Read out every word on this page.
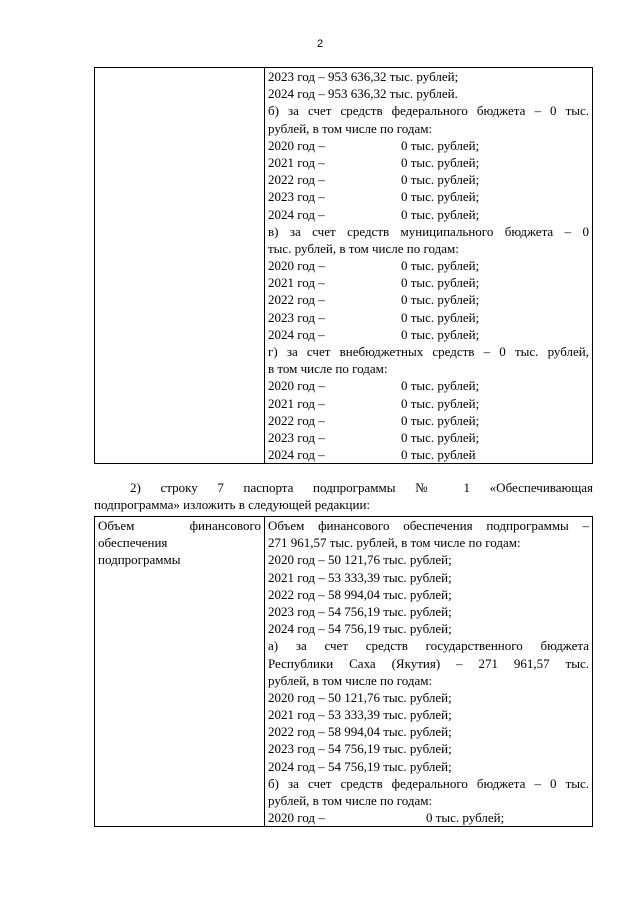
2

2023 год – 953 636,32 тыс. рублей;
2024 год – 953 636,32 тыс. рублей.
б) за счет средств федерального бюджета – 0 тыс.
рублей, в том числе по годам:
2020 год –	0 тыс. рублей;
2021 год –	0 тыс. рублей;
2022 год –	0 тыс. рублей;
2023 год –	0 тыс. рублей;
2024 год –	0 тыс. рублей;
в) за счет средств муниципального бюджета – 0
тыс. рублей, в том числе по годам:
2020 год –	0 тыс. рублей;
2021 год –	0 тыс. рублей;
2022 год –	0 тыс. рублей;
2023 год –	0 тыс. рублей;
2024 год –	0 тыс. рублей;
г) за счет внебюджетных средств – 0 тыс. рублей,
в том числе по годам:
2020 год –	0 тыс. рублей;
2021 год –	0 тыс. рублей;
2022 год –	0 тыс. рублей;
2023 год –	0 тыс. рублей;
2024 год –	0 тыс. рублей
2) строку 7 паспорта подпрограммы № 1 «Обеспечивающая
подпрограмма» изложить в следующей редакции:
Объем финансового
обеспечения
подпрограммы

Объем финансового обеспечения подпрограммы –
271 961,57 тыс. рублей, в том числе по годам:
2020 год – 50 121,76 тыс. рублей;
2021 год – 53 333,39 тыс. рублей;
2022 год – 58 994,04 тыс. рублей;
2023 год – 54 756,19 тыс. рублей;
2024 год – 54 756,19 тыс. рублей;
а) за счет средств государственного бюджета
Республики Саха (Якутия) – 271 961,57 тыс.
рублей, в том числе по годам:
2020 год – 50 121,76 тыс. рублей;
2021 год – 53 333,39 тыс. рублей;
2022 год – 58 994,04 тыс. рублей;
2023 год – 54 756,19 тыс. рублей;
2024 год – 54 756,19 тыс. рублей;
б) за счет средств федерального бюджета – 0 тыс.
рублей, в том числе по годам:
2020 год –	0 тыс. рублей;
